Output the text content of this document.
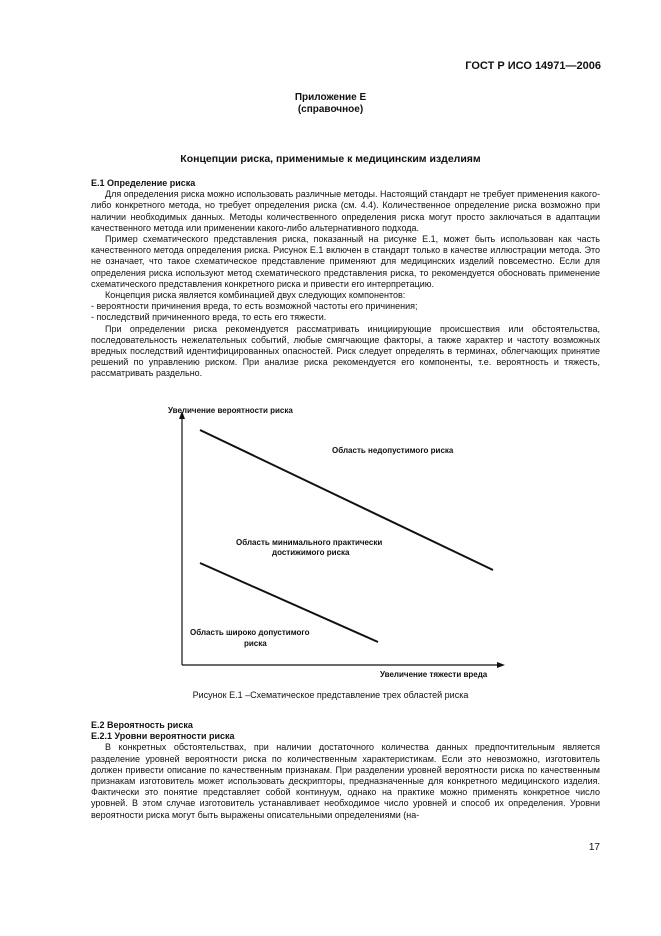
ГОСТ Р ИСО 14971—2006
Приложение Е
(справочное)
Концепции риска, применимые к медицинским изделиям

Е.1 Определение риска

Для определения риска можно использовать различные методы. Настоящий стандарт не требует применения какого-либо конкретного метода, но требует определения риска (см. 4.4). Количественное определение риска возможно при наличии необходимых данных. Методы количественного определения риска могут просто заключаться в адаптации качественного метода или применении какого-либо альтернативного подхода.

Пример схематического представления риска, показанный на рисунке Е.1, может быть использован как часть качественного метода определения риска. Рисунок Е.1 включен в стандарт только в качестве иллюстрации метода. Это не означает, что такое схематическое представление применяют для медицинских изделий повсеместно. Если для определения риска используют метод схематического представления риска, то рекомендуется обосновать применение схематического представления конкретного риска и привести его интерпретацию.

Концепция риска является комбинацией двух следующих компонентов:

- вероятности причинения вреда, то есть возможной частоты его причинения;

- последствий причиненного вреда, то есть его тяжести.

При определении риска рекомендуется рассматривать инициирующие происшествия или обстоятельства, последовательность нежелательных событий, любые смягчающие факторы, а также характер и частоту возможных вредных последствий идентифицированных опасностей. Риск следует определять в терминах, облегчающих принятие решений по управлению риском. При анализе риска рекомендуется его компоненты, т.е. вероятность и тяжесть, рассматривать раздельно.

Увеличение вероятности риска
Увеличение тяжести вреда
Область недопустимого риска
Область минимального практически
достижимого риска
Область широко допустимого
риска
Рисунок Е.1 –Схематическое представление трех областей риска

Е.2 Вероятность риска

Е.2.1 Уровни вероятности риска

В конкретных обстоятельствах, при наличии достаточного количества данных предпочтительным является разделение уровней вероятности риска по количественным характеристикам. Если это невозможно, изготовитель должен привести описание по качественным признакам. При разделении уровней вероятности риска по качественным признакам изготовитель может использовать дескрипторы, предназначенные для конкретного медицинского изделия. Фактически это понятие представляет собой континуум, однако на практике можно применять конкретное число уровней. В этом случае изготовитель устанавливает необходимое число уровней и способ их определения. Уровни вероятности риска могут быть выражены описательными определениями (на-

17
